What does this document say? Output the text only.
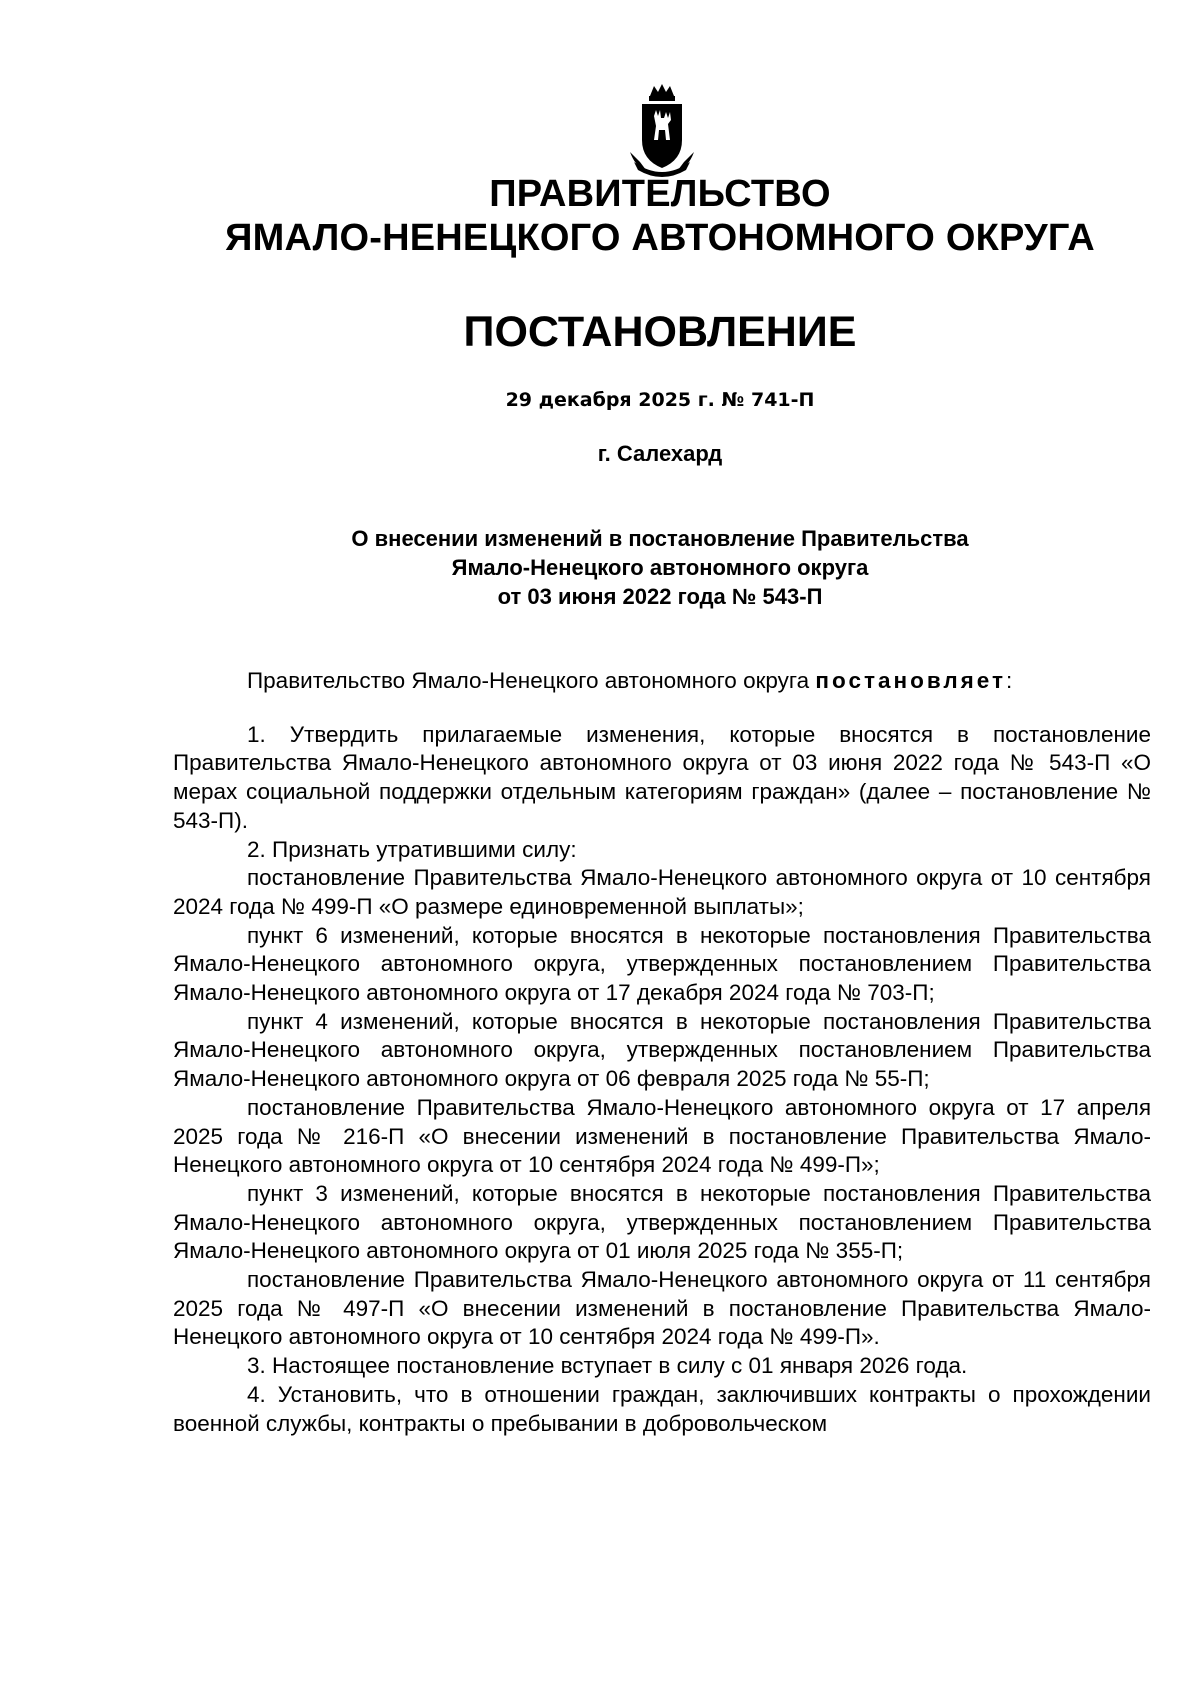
ПРАВИТЕЛЬСТВО
ЯМАЛО-НЕНЕЦКОГО АВТОНОМНОГО ОКРУГА
ПОСТАНОВЛЕНИЕ
29 декабря 2025 г. № 741-П
г. Салехард
О внесении изменений в постановление Правительства
Ямало-Ненецкого автономного округа
от 03 июня 2022 года № 543-П

Правительство Ямало-Ненецкого автономного округа постановляет:

1. Утвердить прилагаемые изменения, которые вносятся в постановление Правительства Ямало-Ненецкого автономного округа от 03 июня 2022 года № 543-П «О мерах социальной поддержки отдельным категориям граждан» (далее – постановление № 543-П).

2. Признать утратившими силу:

постановление Правительства Ямало-Ненецкого автономного округа от 10 сентября 2024 года № 499-П «О размере единовременной выплаты»;

пункт 6 изменений, которые вносятся в некоторые постановления Правительства Ямало-Ненецкого автономного округа, утвержденных постановлением Правительства Ямало-Ненецкого автономного округа от 17 декабря 2024 года № 703-П;

пункт 4 изменений, которые вносятся в некоторые постановления Правительства Ямало-Ненецкого автономного округа, утвержденных постановлением Правительства Ямало-Ненецкого автономного округа от 06 февраля 2025 года № 55-П;

постановление Правительства Ямало-Ненецкого автономного округа от 17 апреля 2025 года № 216-П «О внесении изменений в постановление Правительства Ямало-Ненецкого автономного округа от 10 сентября 2024 года № 499-П»;

пункт 3 изменений, которые вносятся в некоторые постановления Правительства Ямало-Ненецкого автономного округа, утвержденных постановлением Правительства Ямало-Ненецкого автономного округа от 01 июля 2025 года № 355-П;

постановление Правительства Ямало-Ненецкого автономного округа от 11 сентября 2025 года № 497-П «О внесении изменений в постановление Правительства Ямало-Ненецкого автономного округа от 10 сентября 2024 года № 499-П».

3. Настоящее постановление вступает в силу с 01 января 2026 года.

4. Установить, что в отношении граждан, заключивших контракты о прохождении военной службы, контракты о пребывании в добровольческом
